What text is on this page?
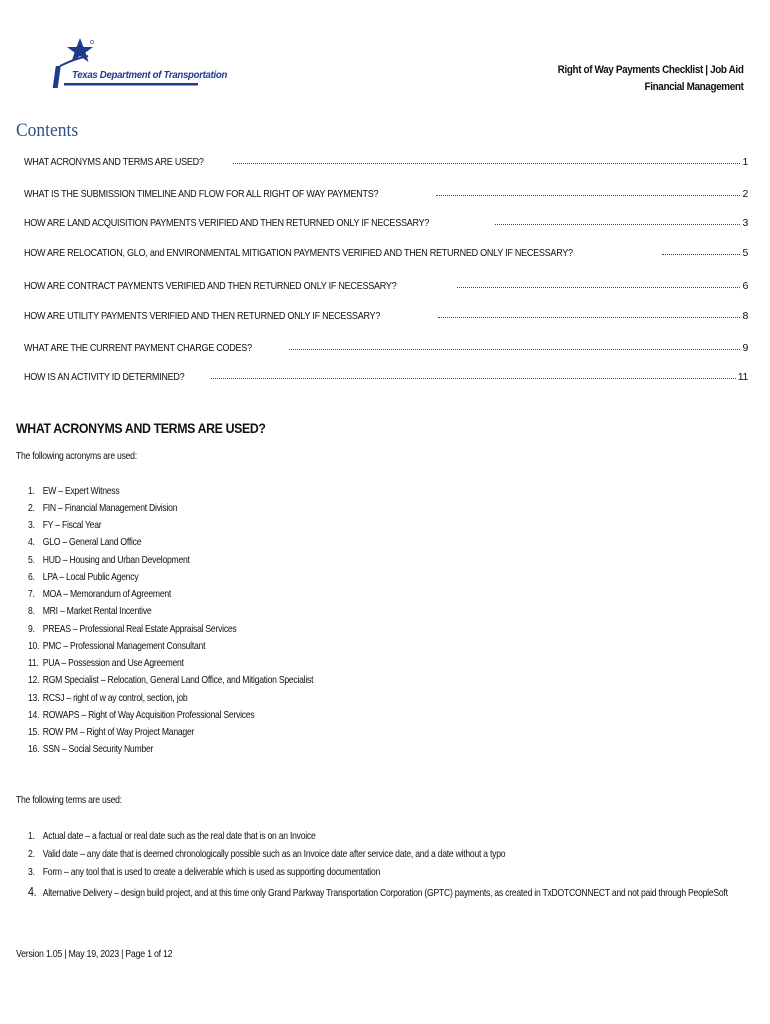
Texas Department of Transportation	Right of Way Payments Checklist | Job Aid
Financial Management
Contents
WHAT ACRONYMS AND TERMS ARE USED?	1
WHAT IS THE SUBMISSION TIMELINE AND FLOW FOR ALL RIGHT OF WAY PAYMENTS?	2
HOW ARE LAND ACQUISITION PAYMENTS VERIFIED AND THEN RETURNED ONLY IF NECESSARY?	3
HOW ARE RELOCATION, GLO, and ENVIRONMENTAL MITIGATION PAYMENTS VERIFIED AND THEN RETURNED ONLY IF NECESSARY?	5
HOW ARE CONTRACT PAYMENTS VERIFIED AND THEN RETURNED ONLY IF NECESSARY?	6
HOW ARE UTILITY PAYMENTS VERIFIED AND THEN RETURNED ONLY IF NECESSARY?	8
WHAT ARE THE CURRENT PAYMENT CHARGE CODES?	9
HOW IS AN ACTIVITY ID DETERMINED?	11
WHAT ACRONYMS AND TERMS ARE USED?
The following acronyms are used:
1. EW – Expert Witness
2. FIN – Financial Management Division
3. FY – Fiscal Year
4. GLO – General Land Office
5. HUD – Housing and Urban Development
6. LPA – Local Public Agency
7. MOA – Memorandum of Agreement
8. MRI – Market Rental Incentive
9. PREAS – Professional Real Estate Appraisal Services
10. PMC – Professional Management Consultant
11. PUA – Possession and Use Agreement
12. RGM Specialist – Relocation, General Land Office, and Mitigation Specialist
13. RCSJ – right of w ay control, section, job
14. ROWAPS – Right of Way Acquisition Professional Services
15. ROW PM – Right of Way Project Manager
16. SSN – Social Security Number
The following terms are used:
1. Actual date – a factual or real date such as the real date that is on an Invoice
2. Valid date – any date that is deemed chronologically possible such as an Invoice date after service date, and a date without a typo
3. Form – any tool that is used to create a deliverable which is used as supporting documentation
4. Alternative Delivery – design build project, and at this time only Grand Parkway Transportation Corporation (GPTC) payments, as created in TxDOTCONNECT and not paid through PeopleSoft
Version 1.05 | May 19, 2023 | Page 1 of 12
